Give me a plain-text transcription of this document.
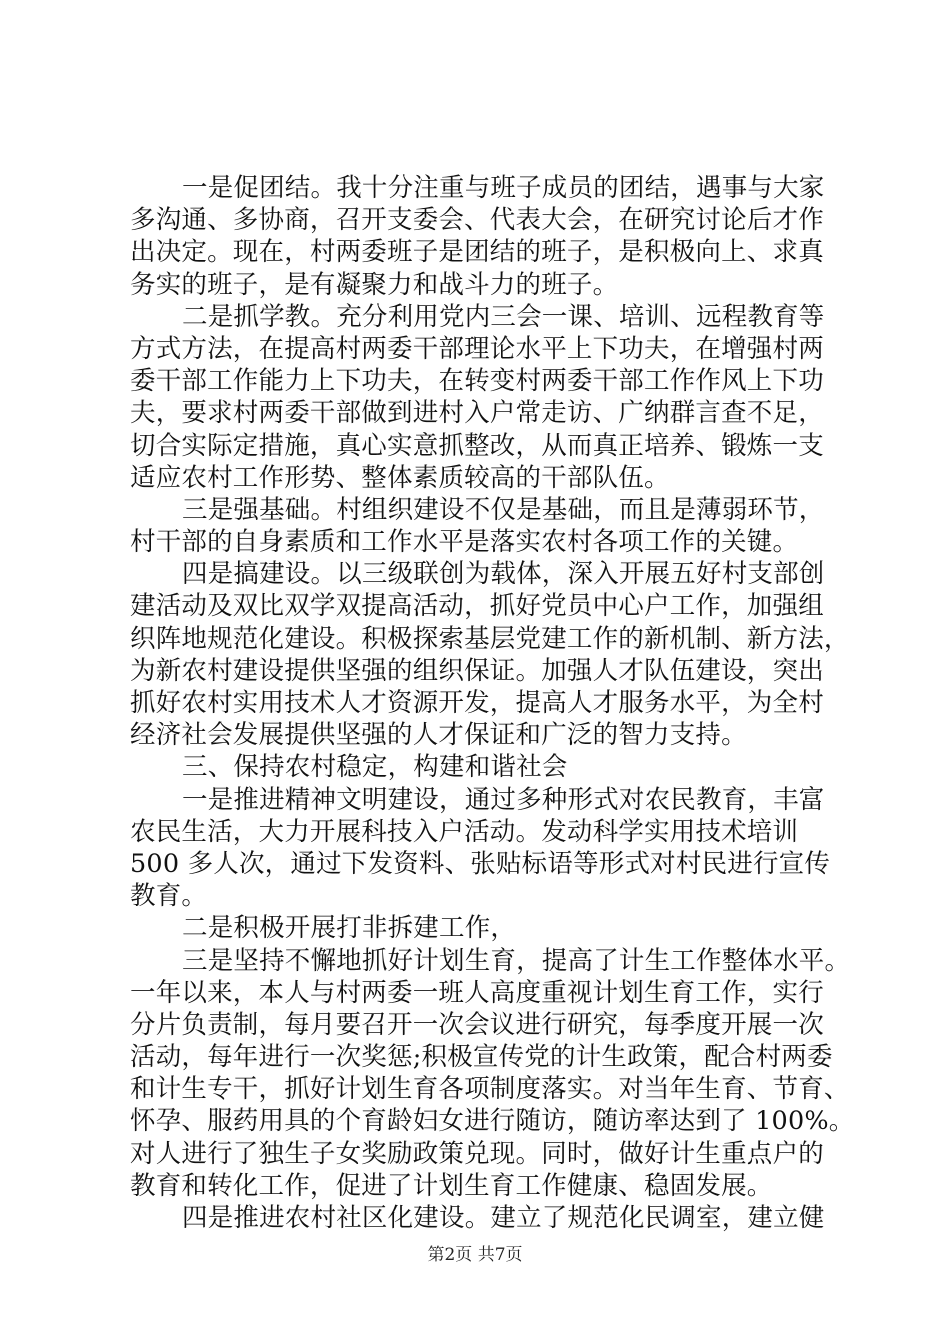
一是促团结。我十分注重与班子成员的团结，遇事与大家
多沟通、多协商，召开支委会、代表大会，在研究讨论后才作
出决定。现在，村两委班子是团结的班子，是积极向上、求真
务实的班子，是有凝聚力和战斗力的班子。
二是抓学教。充分利用党内三会一课、培训、远程教育等
方式方法，在提高村两委干部理论水平上下功夫，在增强村两
委干部工作能力上下功夫，在转变村两委干部工作作风上下功
夫，要求村两委干部做到进村入户常走访、广纳群言查不足，
切合实际定措施，真心实意抓整改，从而真正培养、锻炼一支
适应农村工作形势、整体素质较高的干部队伍。
三是强基础。村组织建设不仅是基础，而且是薄弱环节，
村干部的自身素质和工作水平是落实农村各项工作的关键。
四是搞建设。以三级联创为载体，深入开展五好村支部创
建活动及双比双学双提高活动，抓好党员中心户工作，加强组
织阵地规范化建设。积极探索基层党建工作的新机制、新方法，
为新农村建设提供坚强的组织保证。加强人才队伍建设，突出
抓好农村实用技术人才资源开发，提高人才服务水平，为全村
经济社会发展提供坚强的人才保证和广泛的智力支持。
三、保持农村稳定，构建和谐社会
一是推进精神文明建设，通过多种形式对农民教育，丰富
农民生活，大力开展科技入户活动。发动科学实用技术培训
500 多人次，通过下发资料、张贴标语等形式对村民进行宣传
教育。
二是积极开展打非拆建工作，
三是坚持不懈地抓好计划生育，提高了计生工作整体水平。
一年以来，本人与村两委一班人高度重视计划生育工作，实行
分片负责制，每月要召开一次会议进行研究，每季度开展一次
活动，每年进行一次奖惩;积极宣传党的计生政策，配合村两委
和计生专干，抓好计划生育各项制度落实。对当年生育、节育、
怀孕、服药用具的个育龄妇女进行随访，随访率达到了 100%。
对人进行了独生子女奖励政策兑现。同时，做好计生重点户的
教育和转化工作，促进了计划生育工作健康、稳固发展。
四是推进农村社区化建设。建立了规范化民调室，建立健
第2页 共7页
